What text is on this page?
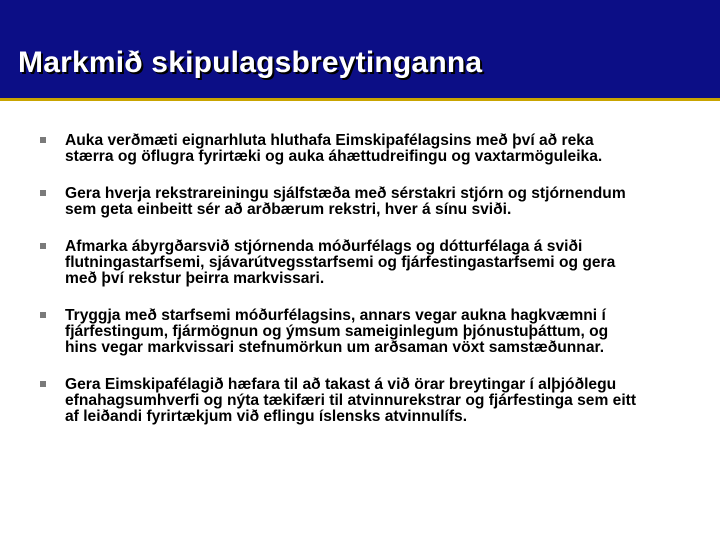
Markmið skipulagsbreytinganna
Auka verðmæti eignarhluta hluthafa Eimskipafélagsins með því að reka stærra og öflugra fyrirtæki og auka áhættudreifingu og vaxtarmöguleika.
Gera hverja rekstrareiningu sjálfstæða með sérstakri stjórn og stjórnendum sem geta einbeitt sér að arðbærum rekstri, hver á sínu sviði.
Afmarka ábyrgðarsvið stjórnenda móðurfélags og dótturfélaga á sviði flutningastarfsemi, sjávarútvegsstarfsemi og fjárfestingastarfsemi og gera með því rekstur þeirra markvissari.
Tryggja með starfsemi móðurfélagsins, annars vegar aukna hagkvæmni í fjárfestingum, fjármögnun og ýmsum sameiginlegum þjónustuþáttum, og hins vegar markvissari stefnumörkun um arðsaman vöxt samstæðunnar.
Gera Eimskipafélagið hæfara til að takast á við örar breytingar í alþjóðlegu efnahagsumhverfi og nýta tækifæri til atvinnurekstrar og fjárfestinga sem eitt af leiðandi fyrirtækjum við eflingu íslensks atvinnulífs.
